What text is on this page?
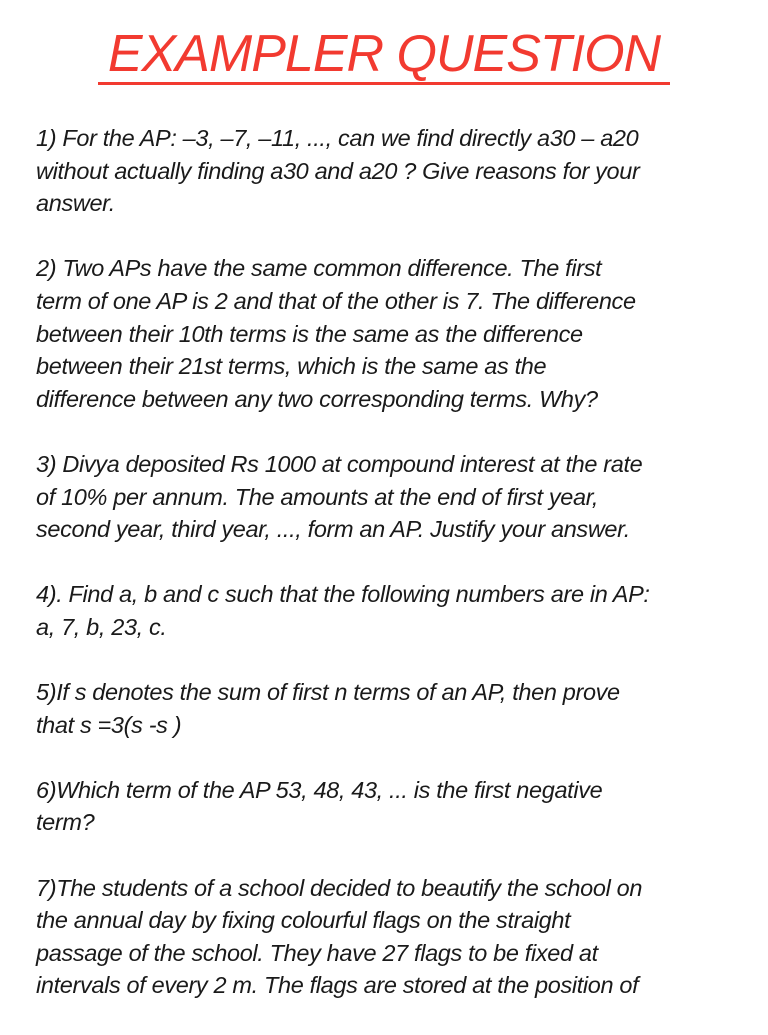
EXAMPLER QUESTION

1) For the AP: –3, –7, –11, ..., can we find directly a30 – a20
without actually finding a30 and a20 ? Give reasons for your
answer.

2) Two APs have the same common difference. The first
term of one AP is 2 and that of the other is 7. The difference
between their 10th terms is the same as the difference
between their 21st terms, which is the same as the
difference between any two corresponding terms. Why?

3) Divya deposited Rs 1000 at compound interest at the rate
of 10% per annum. The amounts at the end of first year,
second year, third year, ..., form an AP. Justify your answer.

4). Find a, b and c such that the following numbers are in AP:
a, 7, b, 23, c.

5)If s denotes the sum of first n terms of an AP, then prove
that s =3(s -s )

6)Which term of the AP 53, 48, 43, ... is the first negative
term?

7)The students of a school decided to beautify the school on
the annual day by fixing colourful flags on the straight
passage of the school. They have 27 flags to be fixed at
intervals of every 2 m. The flags are stored at the position of
